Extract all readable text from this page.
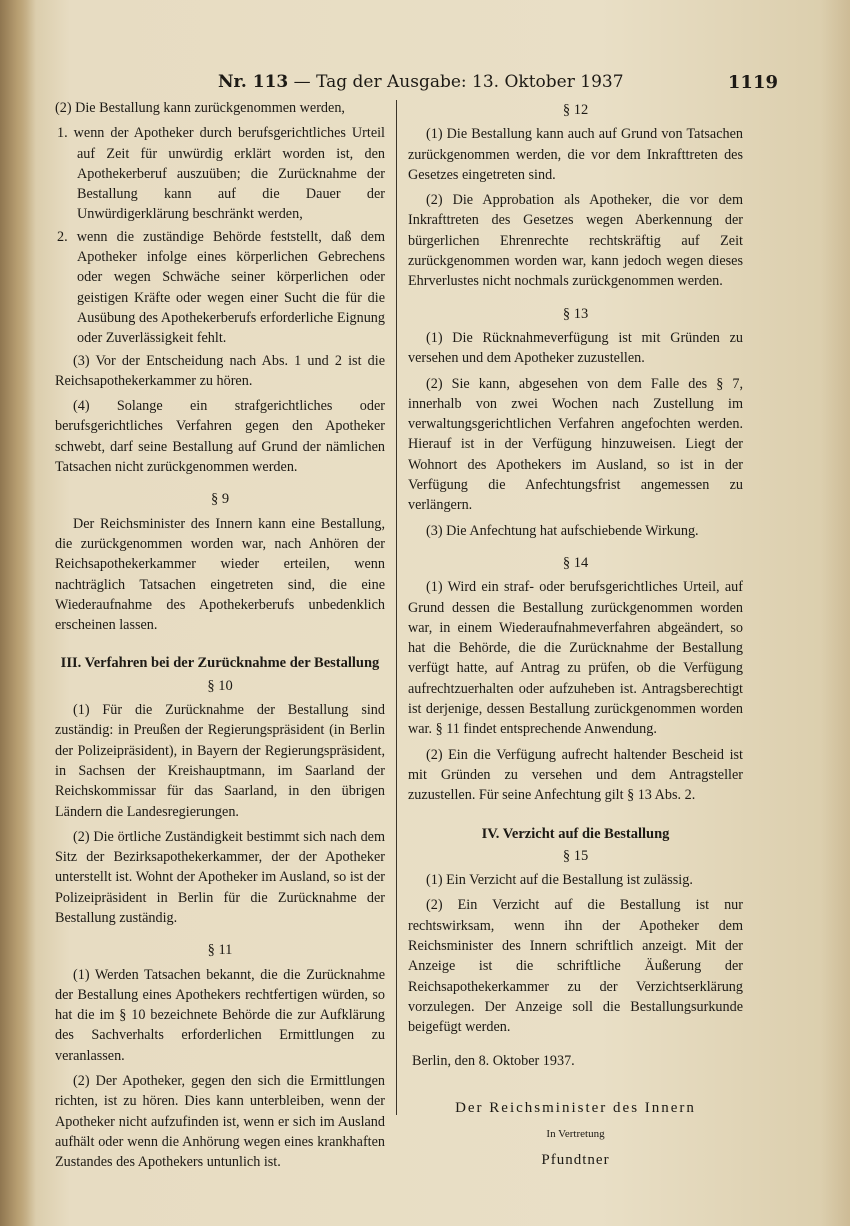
Nr. 113 — Tag der Ausgabe: 13. Oktober 1937	1119

(2) Die Bestallung kann zurückgenommen werden,

1. wenn der Apotheker durch berufsgerichtliches Urteil auf Zeit für unwürdig erklärt worden ist, den Apothekerberuf auszuüben; die Zurücknahme der Bestallung kann auf die Dauer der Unwürdigerklärung beschränkt werden,

2. wenn die zuständige Behörde feststellt, daß dem Apotheker infolge eines körperlichen Gebrechens oder wegen Schwäche seiner körperlichen oder geistigen Kräfte oder wegen einer Sucht die für die Ausübung des Apothekerberufs erforderliche Eignung oder Zuverlässigkeit fehlt.

(3) Vor der Entscheidung nach Abs. 1 und 2 ist die Reichsapothekerkammer zu hören.

(4) Solange ein strafgerichtliches oder berufsgerichtliches Verfahren gegen den Apotheker schwebt, darf seine Bestallung auf Grund der nämlichen Tatsachen nicht zurückgenommen werden.

§ 9

Der Reichsminister des Innern kann eine Bestallung, die zurückgenommen worden war, nach Anhören der Reichsapothekerkammer wieder erteilen, wenn nachträglich Tatsachen eingetreten sind, die eine Wiederaufnahme des Apothekerberufs unbedenklich erscheinen lassen.

III. Verfahren bei der Zurücknahme der Bestallung
§ 10

(1) Für die Zurücknahme der Bestallung sind zuständig: in Preußen der Regierungspräsident (in Berlin der Polizeipräsident), in Bayern der Regierungspräsident, in Sachsen der Kreishauptmann, im Saarland der Reichskommissar für das Saarland, in den übrigen Ländern die Landesregierungen.

(2) Die örtliche Zuständigkeit bestimmt sich nach dem Sitz der Bezirksapothekerkammer, der der Apotheker unterstellt ist. Wohnt der Apotheker im Ausland, so ist der Polizeipräsident in Berlin für die Zurücknahme der Bestallung zuständig.

§ 11

(1) Werden Tatsachen bekannt, die die Zurücknahme der Bestallung eines Apothekers rechtfertigen würden, so hat die im § 10 bezeichnete Behörde die zur Aufklärung des Sachverhalts erforderlichen Ermittlungen zu veranlassen.

(2) Der Apotheker, gegen den sich die Ermittlungen richten, ist zu hören. Dies kann unterbleiben, wenn der Apotheker nicht aufzufinden ist, wenn er sich im Ausland aufhält oder wenn die Anhörung wegen eines krankhaften Zustandes des Apothekers untunlich ist.

§ 12

(1) Die Bestallung kann auch auf Grund von Tatsachen zurückgenommen werden, die vor dem Inkrafttreten des Gesetzes eingetreten sind.

(2) Die Approbation als Apotheker, die vor dem Inkrafttreten des Gesetzes wegen Aberkennung der bürgerlichen Ehrenrechte rechtskräftig auf Zeit zurückgenommen worden war, kann jedoch wegen dieses Ehrverlustes nicht nochmals zurückgenommen werden.

§ 13

(1) Die Rücknahmeverfügung ist mit Gründen zu versehen und dem Apotheker zuzustellen.

(2) Sie kann, abgesehen von dem Falle des § 7, innerhalb von zwei Wochen nach Zustellung im verwaltungsgerichtlichen Verfahren angefochten werden. Hierauf ist in der Verfügung hinzuweisen. Liegt der Wohnort des Apothekers im Ausland, so ist in der Verfügung die Anfechtungsfrist angemessen zu verlängern.

(3) Die Anfechtung hat aufschiebende Wirkung.

§ 14

(1) Wird ein straf- oder berufsgerichtliches Urteil, auf Grund dessen die Bestallung zurückgenommen worden war, in einem Wiederaufnahmeverfahren abgeändert, so hat die Behörde, die die Zurücknahme der Bestallung verfügt hatte, auf Antrag zu prüfen, ob die Verfügung aufrechtzuerhalten oder aufzuheben ist. Antragsberechtigt ist derjenige, dessen Bestallung zurückgenommen worden war. § 11 findet entsprechende Anwendung.

(2) Ein die Verfügung aufrecht haltender Bescheid ist mit Gründen zu versehen und dem Antragsteller zuzustellen. Für seine Anfechtung gilt § 13 Abs. 2.

IV. Verzicht auf die Bestallung
§ 15

(1) Ein Verzicht auf die Bestallung ist zulässig.

(2) Ein Verzicht auf die Bestallung ist nur rechtswirksam, wenn ihn der Apotheker dem Reichsminister des Innern schriftlich anzeigt. Mit der Anzeige ist die schriftliche Äußerung der Reichsapothekerkammer zu der Verzichtserklärung vorzulegen. Der Anzeige soll die Bestallungsurkunde beigefügt werden.

Berlin, den 8. Oktober 1937.

Der Reichsminister des Innern
In Vertretung
Pfundtner
